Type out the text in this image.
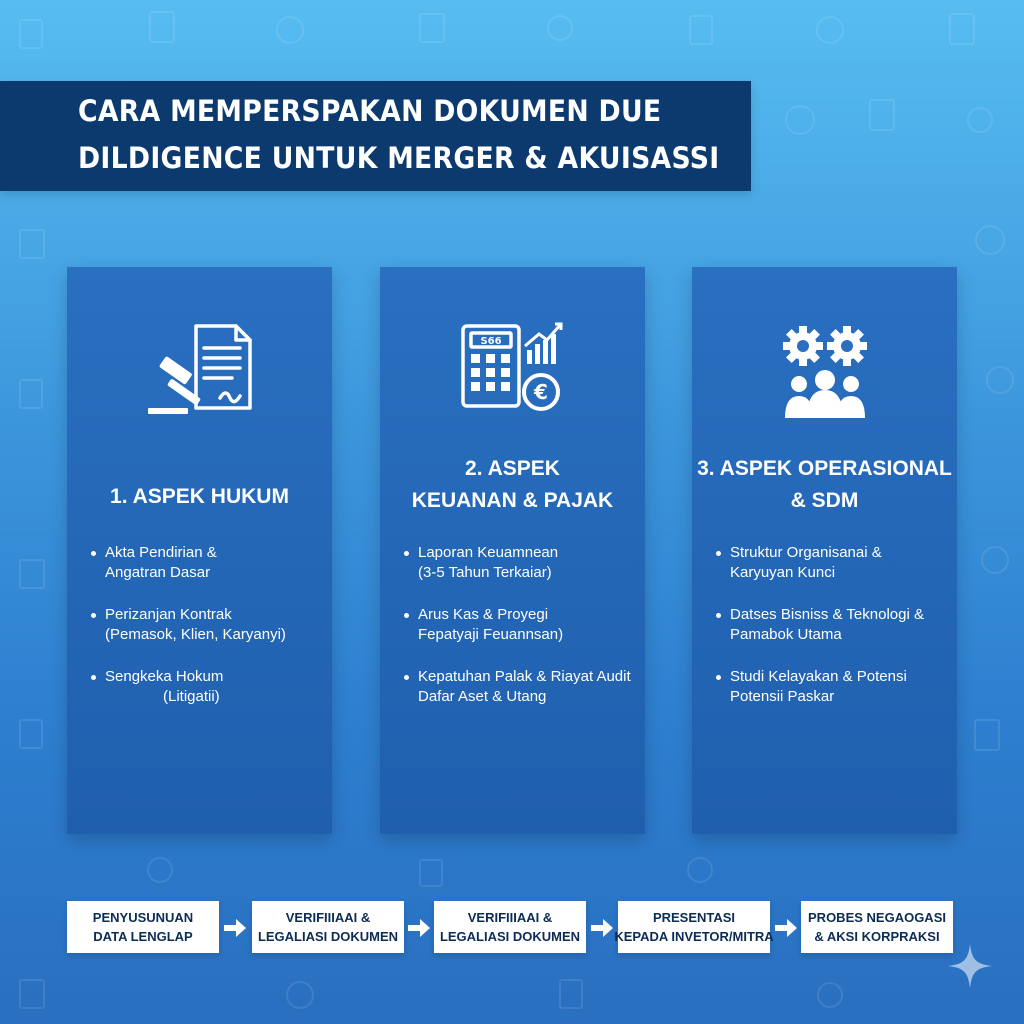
CARA MEMPERSPAKAN DOKUMEN DUE
DILDIGENCE UNTUK MERGER & AKUISASSI
1. ASPEK HUKUM
Akta Pendirian &
Angatran Dasar
Perizanjan Kontrak
(Pemasok, Klien, Karyanyi)
Sengkeka Hokum
(Litigatii)
S66
€
2. ASPEK
KEUANAN & PAJAK
Laporan Keuamnean
(3-5 Tahun Terkaiar)
Arus Kas & Proyegi
Fepatyaji Feuannsan)
Kepatuhan Palak & Riayat Audit
Dafar Aset & Utang
3. ASPEK OPERASIONAL
& SDM
Struktur Organisanai &
Karyuyan Kunci
Datses Bisniss & Teknologi &
Pamabok Utama
Studi Kelayakan & Potensi
Potensii Paskar
PENYUSUNUAN
DATA LENGLAP
VERIFIIIAAI &
LEGALIASI DOKUMEN
VERIFIIIAAI &
LEGALIASI DOKUMEN
PRESENTASI
KEPADA INVETOR/MITRA
PROBES NEGAOGASI
& AKSI KORPRAKSI
